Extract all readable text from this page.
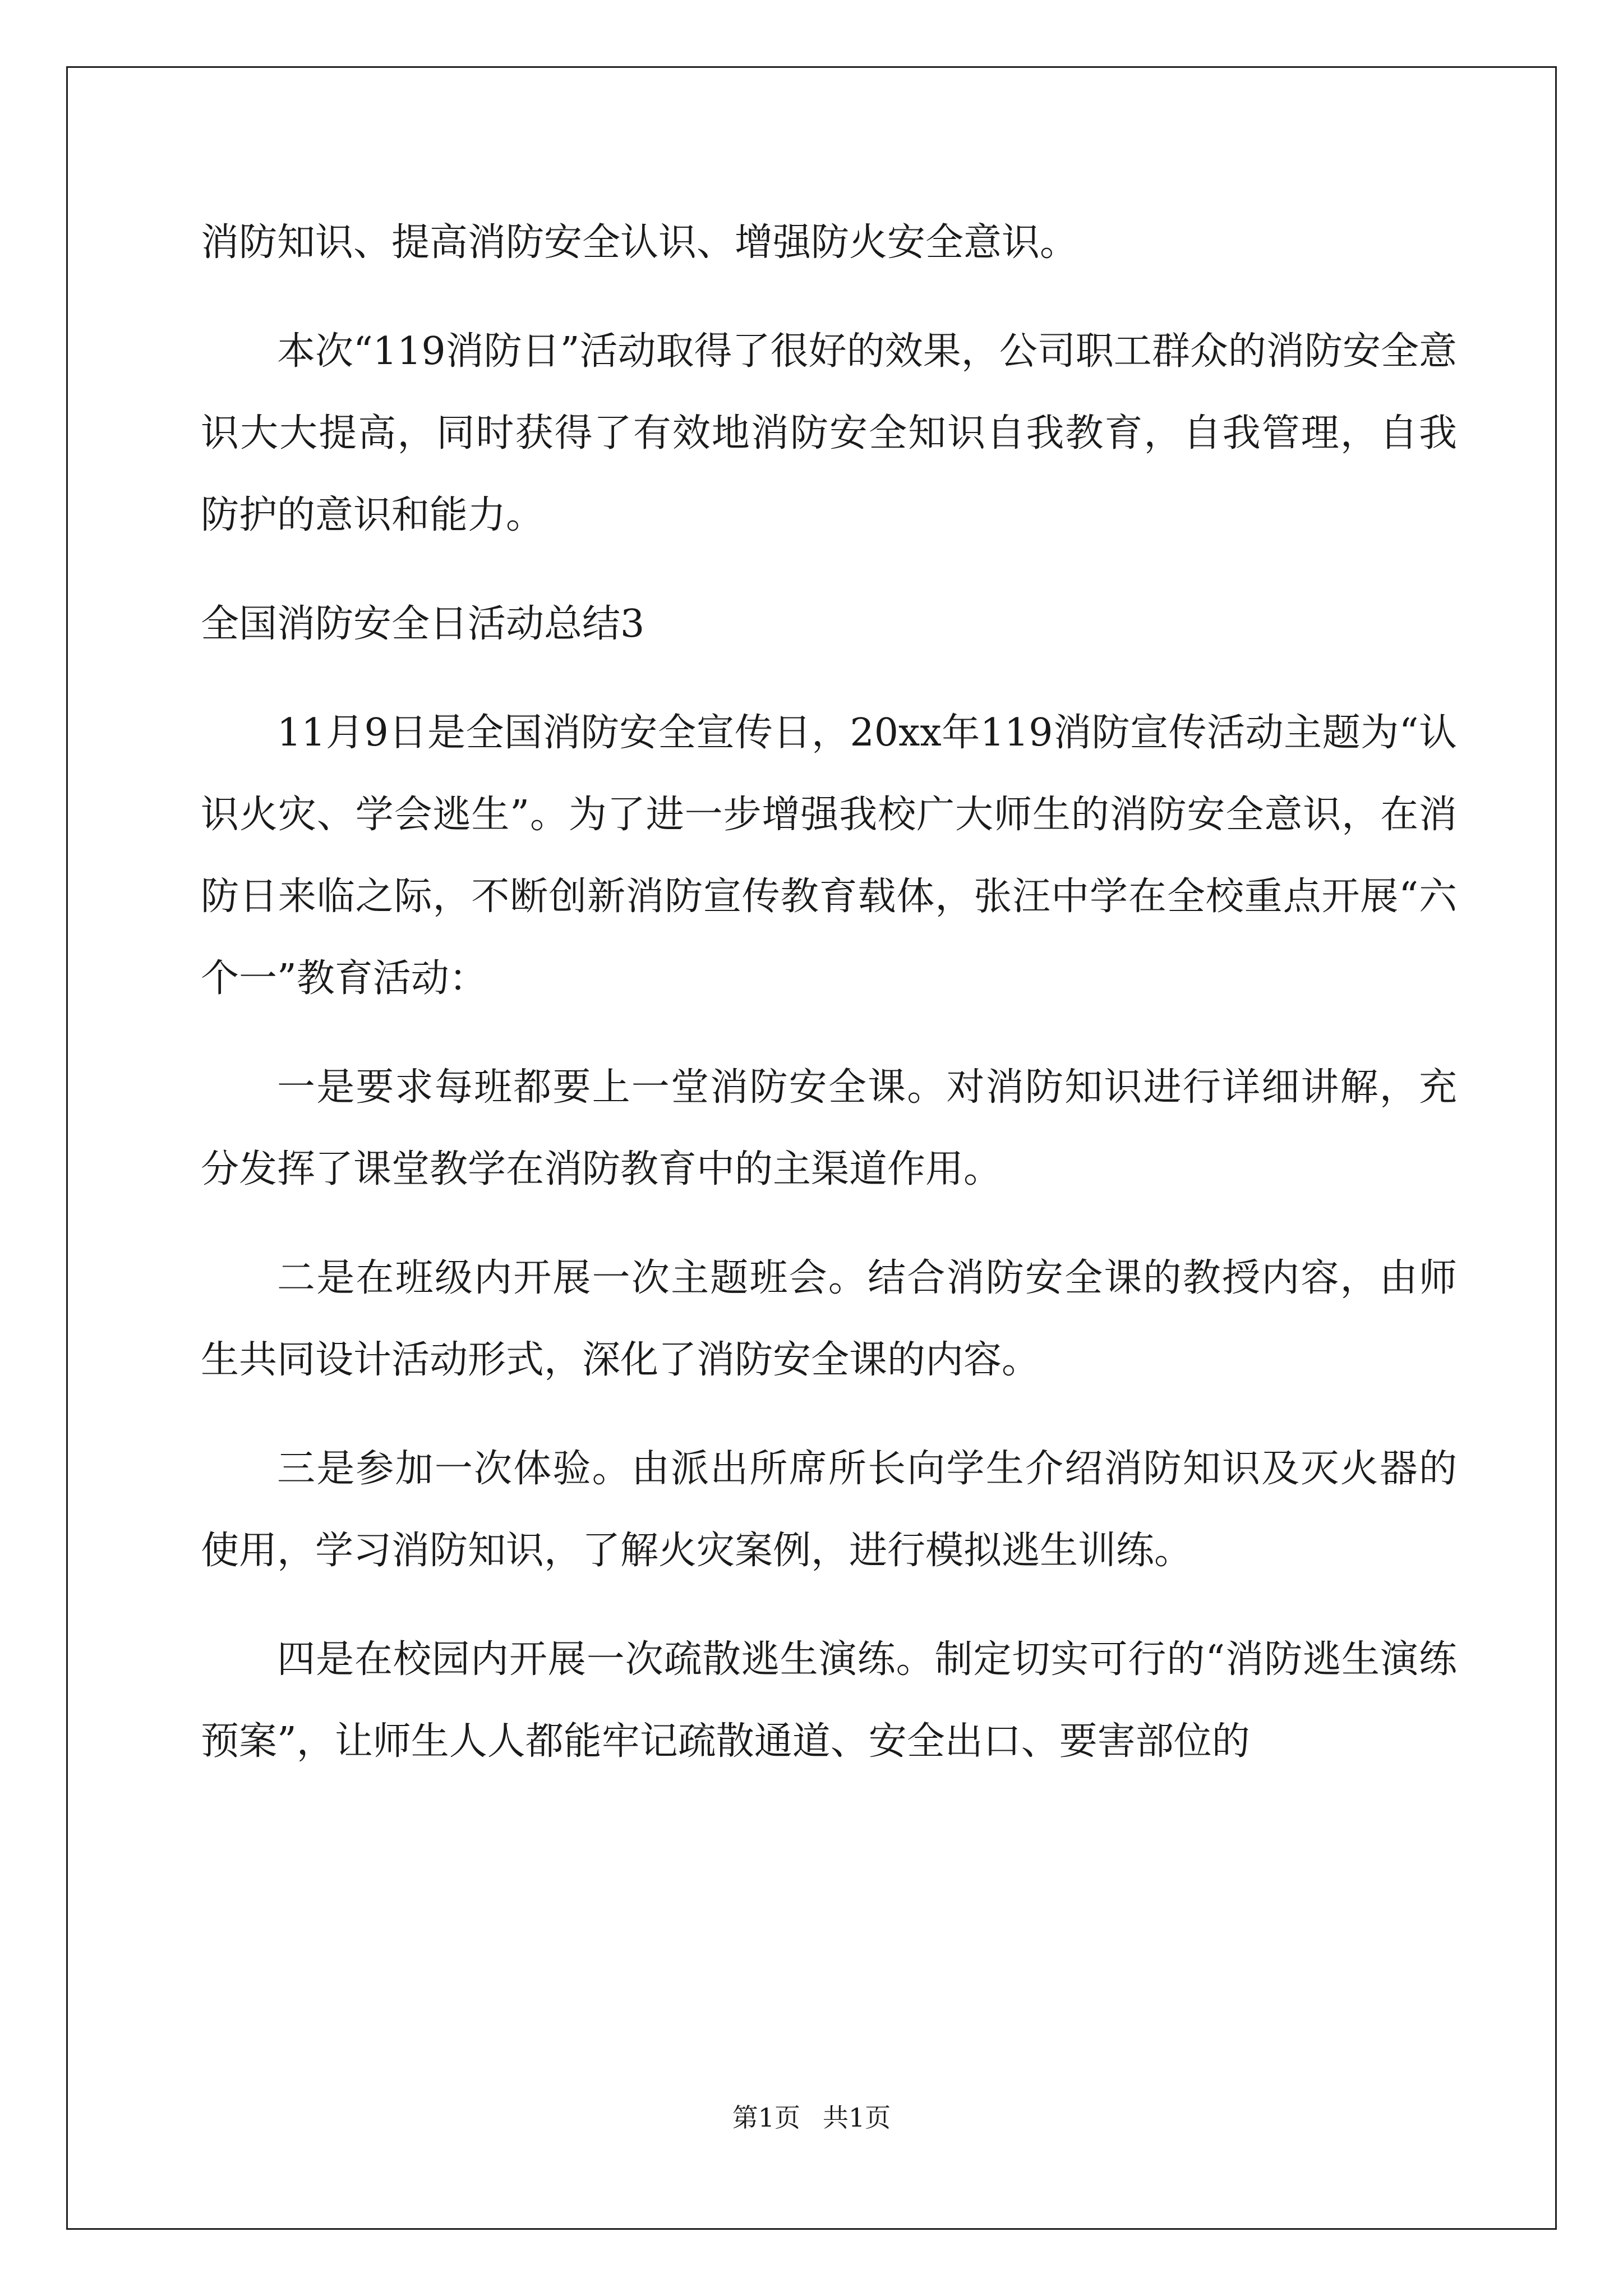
消防知识、提高消防安全认识、增强防火安全意识。

本次“119消防日”活动取得了很好的效果，公司职工群众的消防安全意识大大提高，同时获得了有效地消防安全知识自我教育，自我管理，自我防护的意识和能力。

全国消防安全日活动总结3

11月9日是全国消防安全宣传日，20xx年119消防宣传活动主题为“认识火灾、学会逃生”。为了进一步增强我校广大师生的消防安全意识，在消防日来临之际，不断创新消防宣传教育载体，张汪中学在全校重点开展“六个一”教育活动：

一是要求每班都要上一堂消防安全课。对消防知识进行详细讲解，充分发挥了课堂教学在消防教育中的主渠道作用。

二是在班级内开展一次主题班会。结合消防安全课的教授内容，由师生共同设计活动形式，深化了消防安全课的内容。

三是参加一次体验。由派出所席所长向学生介绍消防知识及灭火器的使用，学习消防知识，了解火灾案例，进行模拟逃生训练。

四是在校园内开展一次疏散逃生演练。制定切实可行的“消防逃生演练预案”，让师生人人都能牢记疏散通道、安全出口、要害部位的

第1页 共1页
